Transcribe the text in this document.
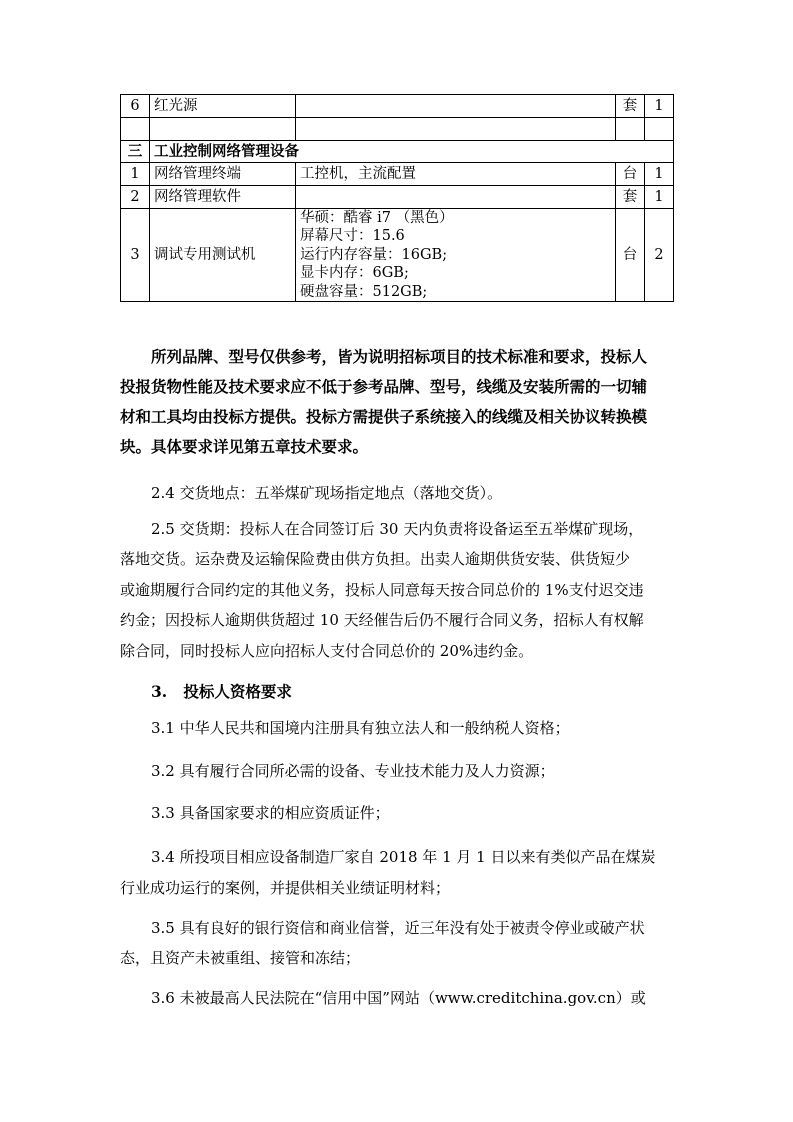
6	红光源		套	1

三	工业控制网络管理设备			
1	网络管理终端	工控机，主流配置	台	1
2	网络管理软件		套	1
3	调试专用测试机	华硕：酷睿 i7 （黑色）
屏幕尺寸：15.6
运行内存容量：16GB;
显卡内存：6GB;
硬盘容量：512GB;	台	2

所列品牌、型号仅供参考，皆为说明招标项目的技术标准和要求，投标人

投报货物性能及技术要求应不低于参考品牌、型号，线缆及安装所需的一切辅

材和工具均由投标方提供。投标方需提供子系统接入的线缆及相关协议转换模

块。具体要求详见第五章技术要求。

2.4 交货地点：五举煤矿现场指定地点（落地交货）。

2.5 交货期：投标人在合同签订后 30 天内负责将设备运至五举煤矿现场，

落地交货。运杂费及运输保险费由供方负担。出卖人逾期供货安装、供货短少

或逾期履行合同约定的其他义务，投标人同意每天按合同总价的 1%支付迟交违

约金；因投标人逾期供货超过 10 天经催告后仍不履行合同义务，招标人有权解

除合同，同时投标人应向招标人支付合同总价的 20%违约金。

3.   投标人资格要求

3.1 中华人民共和国境内注册具有独立法人和一般纳税人资格；

3.2 具有履行合同所必需的设备、专业技术能力及人力资源；

3.3 具备国家要求的相应资质证件；

3.4 所投项目相应设备制造厂家自 2018 年 1 月 1 日以来有类似产品在煤炭

行业成功运行的案例，并提供相关业绩证明材料；

3.5 具有良好的银行资信和商业信誉，近三年没有处于被责令停业或破产状

态，且资产未被重组、接管和冻结；

3.6 未被最高人民法院在“信用中国”网站（www.creditchina.gov.cn）或
